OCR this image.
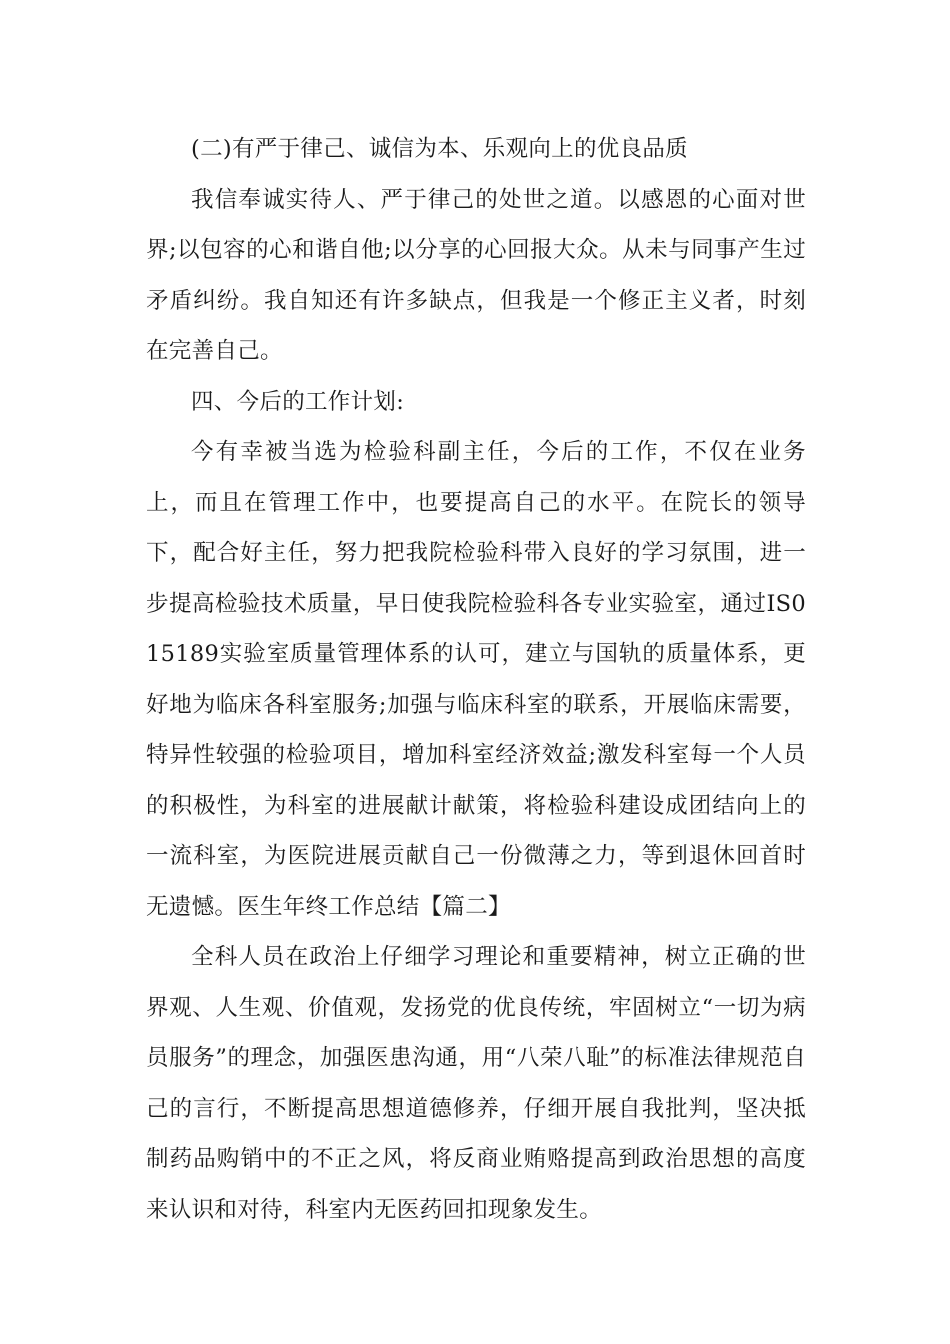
(二)有严于律己、诚信为本、乐观向上的优良品质

我信奉诚实待人、严于律己的处世之道。以感恩的心面对世界;以包容的心和谐自他;以分享的心回报大众。从未与同事产生过矛盾纠纷。我自知还有许多缺点，但我是一个修正主义者，时刻在完善自己。

四、今后的工作计划:

今有幸被当选为检验科副主任，今后的工作，不仅在业务上，而且在管理工作中，也要提高自己的水平。在院长的领导下，配合好主任，努力把我院检验科带入良好的学习氛围，进一步提高检验技术质量，早日使我院检验科各专业实验室，通过IS015189实验室质量管理体系的认可，建立与国轨的质量体系，更好地为临床各科室服务;加强与临床科室的联系，开展临床需要，特异性较强的检验项目，增加科室经济效益;激发科室每一个人员的积极性，为科室的进展献计献策，将检验科建设成团结向上的一流科室，为医院进展贡献自己一份微薄之力，等到退休回首时无遗憾。医生年终工作总结【篇二】

全科人员在政治上仔细学习理论和重要精神，树立正确的世界观、人生观、价值观，发扬党的优良传统，牢固树立“一切为病员服务”的理念，加强医患沟通，用“八荣八耻”的标准法律规范自己的言行，不断提高思想道德修养，仔细开展自我批判，坚决抵制药品购销中的不正之风，将反商业贿赂提高到政治思想的高度来认识和对待，科室内无医药回扣现象发生。
